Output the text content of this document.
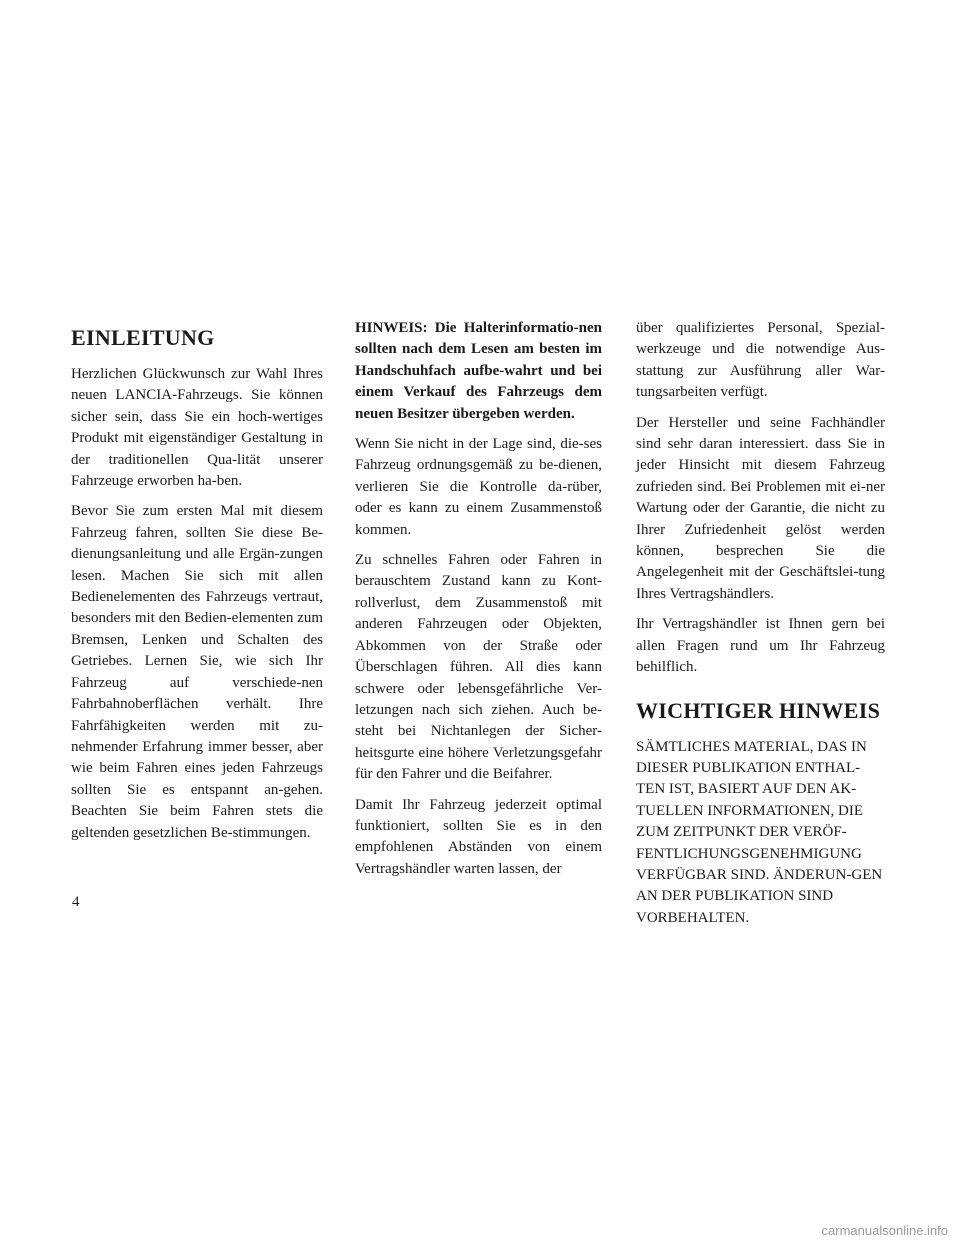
EINLEITUNG

Herzlichen Glückwunsch zur Wahl Ihres neuen LANCIA-Fahrzeugs. Sie können sicher sein, dass Sie ein hoch-wertiges Produkt mit eigenständiger Gestaltung in der traditionellen Qua-lität unserer Fahrzeuge erworben ha-ben.

Bevor Sie zum ersten Mal mit diesem Fahrzeug fahren, sollten Sie diese Be-dienungsanleitung und alle Ergän-zungen lesen. Machen Sie sich mit allen Bedienelementen des Fahrzeugs vertraut, besonders mit den Bedien-elementen zum Bremsen, Lenken und Schalten des Getriebes. Lernen Sie, wie sich Ihr Fahrzeug auf verschiede-nen Fahrbahnoberflächen verhält. Ihre Fahrfähigkeiten werden mit zu-nehmender Erfahrung immer besser, aber wie beim Fahren eines jeden Fahrzeugs sollten Sie es entspannt an-gehen. Beachten Sie beim Fahren stets die geltenden gesetzlichen Be-stimmungen.

HINWEIS: Die Halterinformatio-nen sollten nach dem Lesen am besten im Handschuhfach aufbe-wahrt und bei einem Verkauf des Fahrzeugs dem neuen Besitzer übergeben werden.

Wenn Sie nicht in der Lage sind, die-ses Fahrzeug ordnungsgemäß zu be-dienen, verlieren Sie die Kontrolle da-rüber, oder es kann zu einem Zusammenstoß kommen.

Zu schnelles Fahren oder Fahren in berauschtem Zustand kann zu Kont-rollverlust, dem Zusammenstoß mit anderen Fahrzeugen oder Objekten, Abkommen von der Straße oder Überschlagen führen. All dies kann schwere oder lebensgefährliche Ver-letzungen nach sich ziehen. Auch be-steht bei Nichtanlegen der Sicher-heitsgurte eine höhere Verletzungsgefahr für den Fahrer und die Beifahrer.

Damit Ihr Fahrzeug jederzeit optimal funktioniert, sollten Sie es in den empfohlenen Abständen von einem Vertragshändler warten lassen, der

über qualifiziertes Personal, Spezial-werkzeuge und die notwendige Aus-stattung zur Ausführung aller War-tungsarbeiten verfügt.

Der Hersteller und seine Fachhändler sind sehr daran interessiert. dass Sie in jeder Hinsicht mit diesem Fahrzeug zufrieden sind. Bei Problemen mit ei-ner Wartung oder der Garantie, die nicht zu Ihrer Zufriedenheit gelöst werden können, besprechen Sie die Angelegenheit mit der Geschäftslei-tung Ihres Vertragshändlers.

Ihr Vertragshändler ist Ihnen gern bei allen Fragen rund um Ihr Fahrzeug behilflich.

WICHTIGER HINWEIS

SÄMTLICHES MATERIAL, DAS IN DIESER PUBLIKATION ENTHAL-TEN IST, BASIERT AUF DEN AK-TUELLEN INFORMATIONEN, DIE ZUM ZEITPUNKT DER VERÖF-FENTLICHUNGSGENEHMIGUNG VERFÜGBAR SIND. ÄNDERUN-GEN AN DER PUBLIKATION SIND VORBEHALTEN.

4
carmanualsonline.info
